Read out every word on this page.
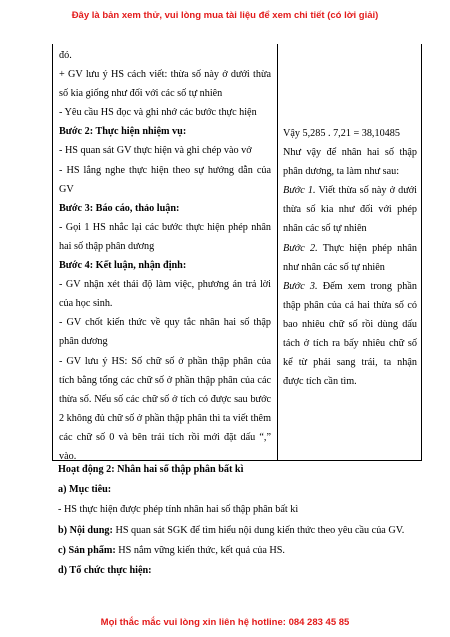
Đây là bản xem thử, vui lòng mua tài liệu để xem chi tiết (có lời giải)

đó.

+ GV lưu ý HS cách viết: thừa số này ở dưới thừa số kia giống như đối với các số tự nhiên

- Yêu cầu HS đọc và ghi nhớ các bước thực hiện

Bước 2: Thực hiện nhiệm vụ:

- HS quan sát GV thực hiện và ghi chép vào vở

- HS lắng nghe thực hiện theo sự hướng dẫn của GV

Bước 3: Báo cáo, thảo luận:

- Gọi 1 HS nhắc lại các bước thực hiện phép nhân hai số thập phân dương

Bước 4: Kết luận, nhận định:

- GV nhận xét thái độ làm việc, phương án trả lời của học sinh.

- GV chốt kiến thức về quy tắc nhân hai số thập phân dương

- GV lưu ý HS: Số chữ số ở phần thập phân của tích bằng tổng các chữ số ở phần thập phân của các thừa số. Nếu số các chữ số ở tích có được sau bước 2 không đủ chữ số ở phần thập phân thì ta viết thêm các chữ số 0 và bên trái tích rồi mới đặt dấu “,” vào.

Vậy 5,285 . 7,21 = 38,10485

Như vậy để nhân hai số thập phân dương, ta làm như sau:

Bước 1. Viết thừa số này ở dưới thừa số kia như đối với phép nhân các số tự nhiên

Bước 2. Thực hiện phép nhân như nhân các số tự nhiên

Bước 3. Đếm xem trong phần thập phân của cả hai thừa số có bao nhiêu chữ số rồi dùng dấu tách ở tích ra bấy nhiêu chữ số kể từ phải sang trái, ta nhận được tích cần tìm.

Hoạt động 2: Nhân hai số thập phân bất kì

a) Mục tiêu:

- HS thực hiện được phép tính nhân hai số thập phân bất kì

b) Nội dung: HS quan sát SGK để tìm hiểu nội dung kiến thức theo yêu cầu của GV.

c) Sản phẩm: HS nắm vững kiến thức, kết quả của HS.

d) Tổ chức thực hiện:

Mọi thắc mắc vui lòng xin liên hệ hotline: 084 283 45 85
